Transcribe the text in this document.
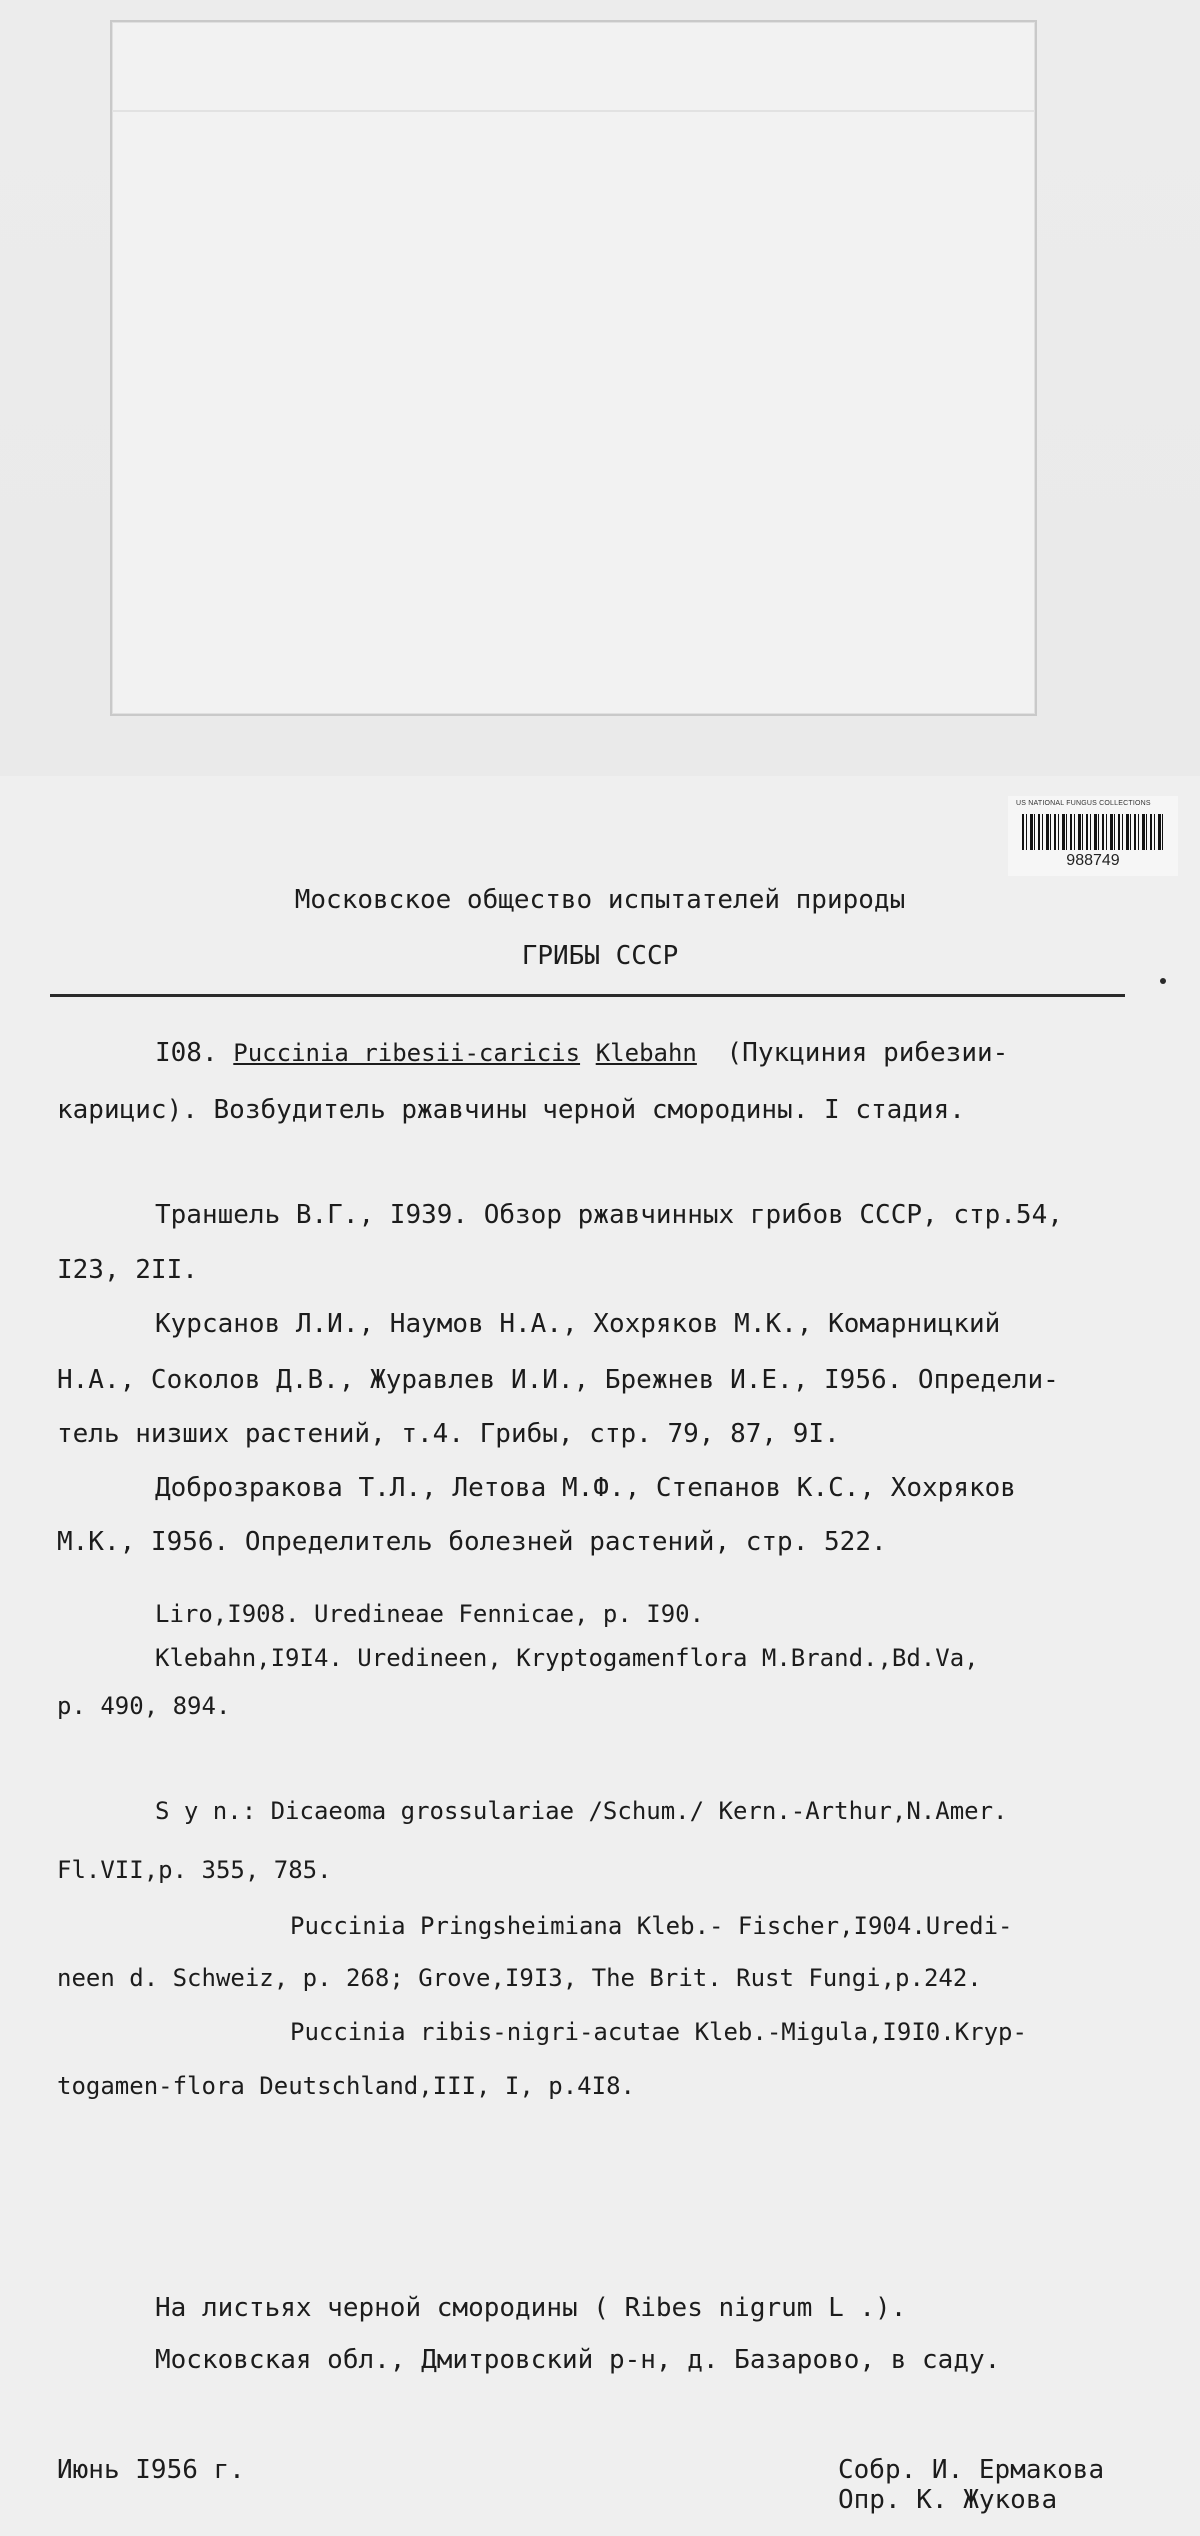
US NATIONAL FUNGUS COLLECTIONS
988749
Московское общество испытателей природы
ГРИБЫ СССР
I08. Puccinia ribesii-caricis Klebahn (Пукциния рибезии-
карицис). Возбудитель ржавчины черной смородины. I стадия.
Траншель В.Г., I939. Обзор ржавчинных грибов СССР, стр.54,
I23, 2II.
Курсанов Л.И., Наумов Н.А., Хохряков М.К., Комарницкий
Н.А., Соколов Д.В., Журавлев И.И., Брежнев И.Е., I956. Определи-
тель низших растений, т.4. Грибы, стр. 79, 87, 9I.
Доброзракова Т.Л., Летова М.Ф., Степанов К.С., Хохряков
М.К., I956. Определитель болезней растений, стр. 522.
Liro,I908. Uredineae Fennicae, p. I90.
Klebahn,I9I4. Uredineen, Kryptogamenflora M.Brand.,Bd.Va,
p. 490, 894.
S y n.: Dicaeoma grossulariae /Schum./ Kern.-Arthur,N.Amer.
Fl.VII,p. 355, 785.
Puccinia Pringsheimiana Kleb.- Fischer,I904.Uredi-
neen d. Schweiz, p. 268; Grove,I9I3, The Brit. Rust Fungi,p.242.
Puccinia ribis-nigri-acutae Kleb.-Migula,I9I0.Kryp-
togamen-flora Deutschland,III, I, p.4I8.
На листьях черной смородины ( Ribes nigrum L .).
Московская обл., Дмитровский р-н, д. Базарово, в саду.
Июнь I956 г.	Собр. И. Ермакова
Опр. К. Жукова
